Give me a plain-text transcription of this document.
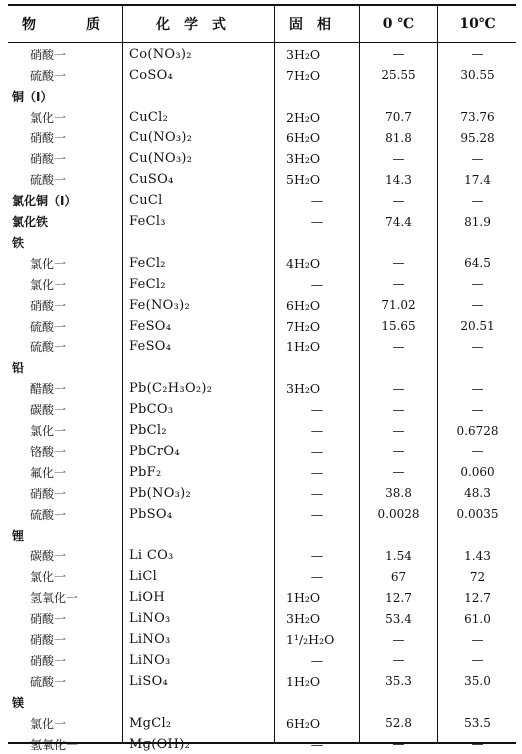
物　质	化学式	固相	0 ℃	10℃
硝酸一	Co(NO₃)₂	3H₂O	—	—
硫酸一	CoSO₄	7H₂O	25.55	30.55
铜（Ⅰ）
氯化一	CuCl₂	2H₂O	70.7	73.76
硝酸一	Cu(NO₃)₂	6H₂O	81.8	95.28
硝酸一	Cu(NO₃)₂	3H₂O	—	—
硫酸一	CuSO₄	5H₂O	14.3	17.4
氯化铜（Ⅰ）	CuCl	—	—	—
氯化铁	FeCl₃	—	74.4	81.9
铁
氯化一	FeCl₂	4H₂O	—	64.5
氯化一	FeCl₂	—	—	—
硝酸一	Fe(NO₃)₂	6H₂O	71.02	—
硫酸一	FeSO₄	7H₂O	15.65	20.51
硫酸一	FeSO₄	1H₂O	—	—
铅
醋酸一	Pb(C₂H₃O₂)₂	3H₂O	—	—
碳酸一	PbCO₃	—	—	—
氯化一	PbCl₂	—	—	0.6728
铬酸一	PbCrO₄	—	—	—
氟化一	PbF₂	—	—	0.060
硝酸一	Pb(NO₃)₂	—	38.8	48.3
硫酸一	PbSO₄	—	0.0028	0.0035
锂
碳酸一	Li CO₃	—	1.54	1.43
氯化一	LiCl	—	67	72
氢氧化一	LiOH	1H₂O	12.7	12.7
硝酸一	LiNO₃	3H₂O	53.4	61.0
硝酸一	LiNO₃	1¹/₂H₂O	—	—
硝酸一	LiNO₃	—	—	—
硫酸一	LiSO₄	1H₂O	35.3	35.0
镁
氯化一	MgCl₂	6H₂O	52.8	53.5
氢氧化一	Mg(OH)₂	—	—	—
